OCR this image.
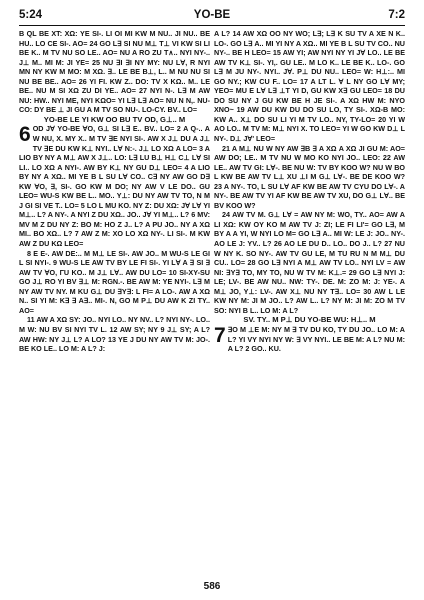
5:24	YO-BE	7:2

B QL BE XT: XΩ: YE SI-. LI OI MI KW M NU.. JI NU.. BE HU.. LO CE SI-. AO= 24 GO L∃ SI NU M⊥ T⊥ VI KW SI LI BE K.. M TV NU SO LE.. AO= NU A RO ZU T∧.. NYI NY-.. J⊥ M.. MI M: JI YE= 25 NU ∃I ∃I NY MY: NU L∀, R NYI MN NY KW M MO: M XΩ. ∃.. LE BE B⊥, L.. M NU NU SI NU BE BE.. AO= 26 YI FI. KW Z.. DO: TV X KΩ.. M.. LE BE.. NU M SI XΩ ZU DI YE.. AO= 27 NYI N-. L∃ M AW NU: HW.. NYI ME, NYI KΩO= YI L∃ L∃ AO= NU N N,. NU-CO: DY BE ⊥ JI GU A M TV SO NU-. LO-CY. BV.. LO=

YO-BE LE YI KW OO BU TV OD, G⊥.. M

6 OD J∀ YO-BE ∀O, G⊥ SI L∃ E.. BV.. LO= 2 A Q-.. A W NU, X. MY X.. M TV ∃E NYI SI-. AW X J⊥ DU A J⊥ TV ∃E DU KW K⊥ NYI.. L∀ N:-. J⊥ LO XΩ A LO= 3 A LIO BY NY A M⊥ AW X J⊥.. LO: L∃ LU B⊥ H⊥ C⊥ L∀ SI LI.. LO XΩ A NYI-. AW BY K⊥ NY GU D⊥ LEO= 4 A LIO BY NY A XΩ.. MI YE B L SU L∀ CO.. C∃ NY AW GO D∃ KW ∀O, ∃, SI-. GO KW M DO; NY AW V LE DO.. GU LEO= WU-S KW BE L.. MO.. Y⊥: DU NY AW TV TO, N M J GI SI VE T.. LO= 5 LO L MU KO. NY Z: DU XΩ: J∀ L∀ YI M⊥.. L? A NY-. A NYI Z DU XΩ.. JO.. J∀ YI M⊥.. L? 6 MV: MV M Z DU NY Z: BO M: HO Z J.. L? A PU JO.. NY A XΩ MI.. BO XΩ.. L? 7 AW Z M: XO LO XΩ NY-. LI SI-. M KW AW Z DU KΩ LEO=

8 E E-. AW DE:.. M M⊥ LE SI-. AW JO.. M WU-S LE GI L SI NYI-. 9 WU-S LE AW TV BY LE FI SI-. YI L∀ A ∃ SI ∃ AW TV ∀O, ΓU KO.. M J⊥ L∀.. AW DU LO= 10 SI-XY-SU GO J⊥ RO YI BV ∃⊥ M: RGN.-. BE AW M: YE NYI-. L∃ M NY AW TV NY. M KU G⊥ DU ∃Y∃: L FI= A LO-. AW A XΩ N.. SI YI M: K∃ ∃ A∃.. MI-. N, GO M P⊥ DU AW K ZI TY.. AO=

11 AW A XΩ SY: JO.. NYI LO.. NY NV.. L? NYI NY-. LO.. M W: NU BV SI NYI TV L. 12 AW SY; NY 9 J⊥ SY; A L? AW HW: NY J⊥ L? A LO? 13 YE J DU NY AW TV M: JO-. BE KO LE.. LO M: A L? J:

A L? 14 AW XΩ OO NY WO; L∃; L∃ K SU TV A XE N K.. LO-. GO L∃ A.. MI YI NY A XΩ.. MI YE B L SU TV CO.. NU NY-.. BE H LEO= 15 AW YI; AW NYI NY YI J∀ LO.. LE BE AW TV K⊥ SI-. YI,. GU LE.. M LO K.. LE BE K.. LO-. GO L∃ M JU NY-. NYI.. J∀. P⊥ DU NU.. LEO= W: H⊥:.. MI GO NY.; KW CU F.. LO= 17 A LT L. ∀ L NY GO L∀ MY; YEO= MU E L∀ L∃ ⊥T YI D, GU KW X∃ GU LEO= 18 DU DO SU NY J GU KW BE H JE SI-. A XΩ HW M: NYO XNO~ 19 AW DU KW DU DO SU LO, TY SI-. XΩ-B MO: KW A.. X⊥ DO SU LI YI M TV LO.. NY, TY-LO= 20 YI W AO LO.. M TV M: M⊥ NYI X. TO LEO= YI W GO KW D⊥ L NY-. D⊥ J∀' LEO=

21 A M⊥ NU W NY AW ∃B ∃ A XΩ A XΩ JI GU M: AO= AW DO; LE.. M TV NU W MO KO NYI JO.. LEO: 22 AW LE.. AW TV GI: L∀-. BE NU W: TV BY KOO W? NU W BO L KW BE AW TV L⊥ XU ⊥I M G⊥ L∀-. BE DE KOO W? 23 A NY-. TO, L SU L∀ AF KW BE AW TV CYU DO L∀-. A NY-. BE AW TV YI AF KW BE AW TV XU, DO G⊥ L∀.. BE BV KOO W?

24 AW TV M. G⊥ L∀ = AW NY M: WO, TY.. AO= AW A LI XΩ: KW OY KO M AW TV J: ZI; LE FI LI'= GO L∃, M BY A A YI, W NYI LO M= GO L∃ A.. MI W: LE J: JO.. NY-. AO LE J: YV.. L? 26 AO LE DU D.. LO.. DO J.. L? 27 NU W NY K. SO NY-. AW TV GU LE, M TU RU N M M⊥ DU CU.. LO= 28 GO L∃ NYI A M⊥ AW TV LO.. NYI LV = AW NI: ∃Y∃ TO, MY TO, NU W TV M: K⊥.= 29 GO L∃ NYI J: LE; LV-. BE AW NU.. NW: TY-. DE. M: ZO M: J: YE-. A M⊥ JO, Y⊥: LV-. AW X⊥ NU NY T∃.. LO= 30 AW L LE KW NY M: JI M JO.. L? AW L.. L? NY M: JI M: ZO M TV SO: NYI B L.. LO M: A L?

SV. TY.. M P⊥ DU YO-BE WU: H⊥.. M

7 ∃O M ⊥E M: NY M ∃ TV DU KO, TY DU JO.. LO M: A L? YI VY NYI NY W: ∃ VY NYI.. LE BE M: A L? NU M: A L? 2 GO.. KU.

586
